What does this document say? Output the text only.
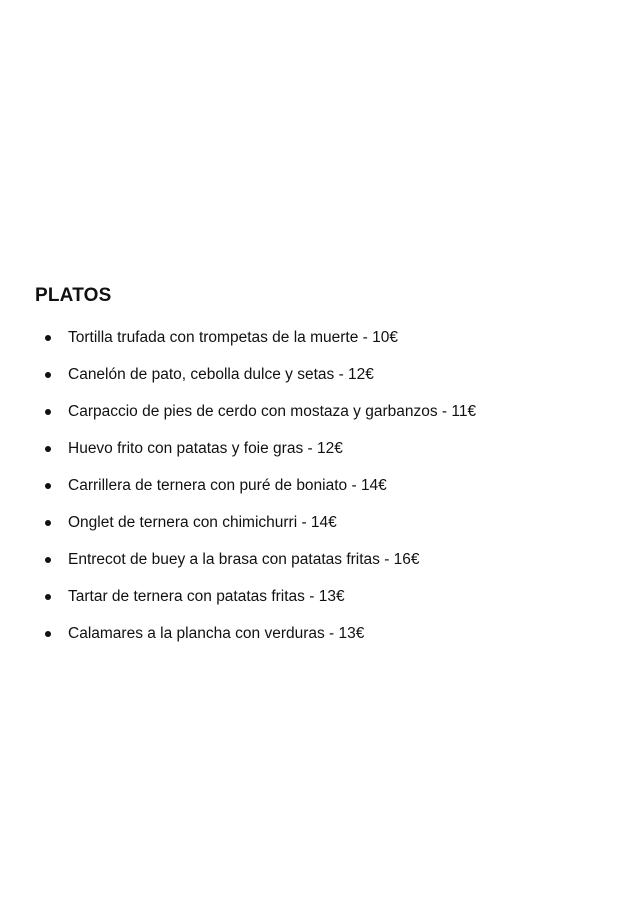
PLATOS
Tortilla trufada con trompetas de la muerte - 10€
Canelón de pato, cebolla dulce y setas - 12€
Carpaccio de pies de cerdo con mostaza y garbanzos - 11€
Huevo frito con patatas y foie gras - 12€
Carrillera de ternera con puré de boniato - 14€
Onglet de ternera con chimichurri - 14€
Entrecot de buey a la brasa con patatas fritas - 16€
Tartar de ternera con patatas fritas - 13€
Calamares a la plancha con verduras - 13€
